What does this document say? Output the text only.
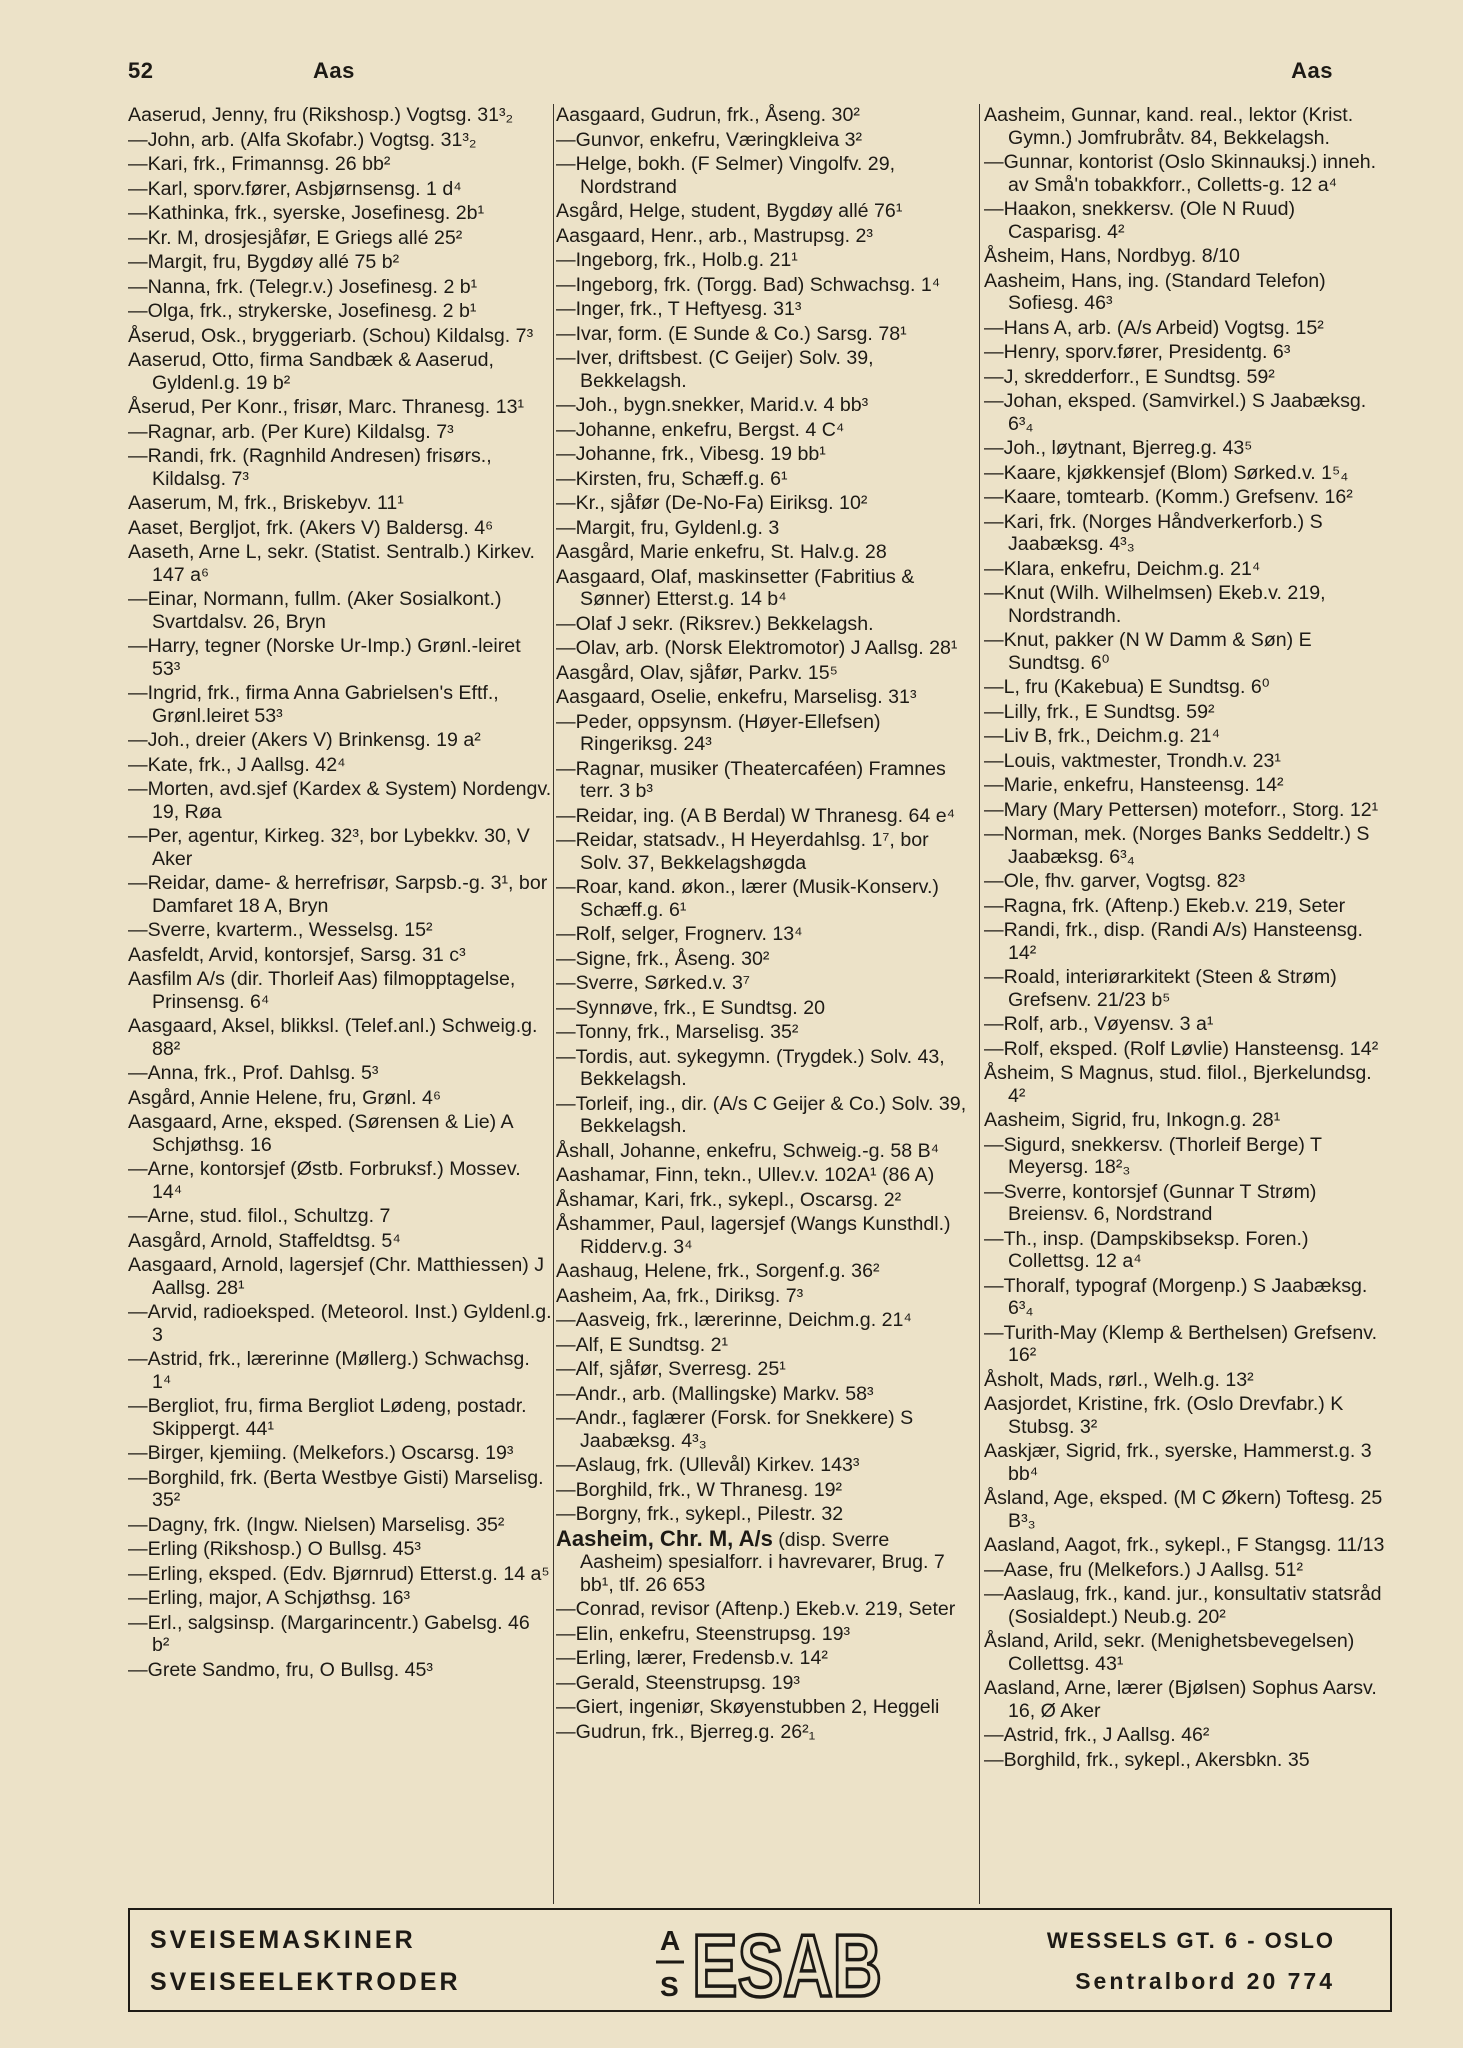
52	Aas	Aas
Aaserud, Jenny, fru (Rikshosp.) Vogtsg. 31³₂
—John, arb. (Alfa Skofabr.) Vogtsg. 31³₂
—Kari, frk., Frimannsg. 26 bb²
—Karl, sporv.fører, Asbjørnsensg. 1 d⁴
—Kathinka, frk., syerske, Josefinesg. 2b¹
—Kr. M, drosjesjåfør, E Griegs allé 25²
—Margit, fru, Bygdøy allé 75 b²
—Nanna, frk. (Telegr.v.) Josefinesg. 2 b¹
—Olga, frk., strykerske, Josefinesg. 2 b¹
Åserud, Osk., bryggeriarb. (Schou) Kildalsg. 7³
Aaserud, Otto, firma Sandbæk & Aaserud, Gyldenl.g. 19 b²
Åserud, Per Konr., frisør, Marc. Thranesg. 13¹
—Ragnar, arb. (Per Kure) Kildalsg. 7³
—Randi, frk. (Ragnhild Andresen) frisørs., Kildalsg. 7³
Aaserum, M, frk., Briskebyv. 11¹
Aaset, Bergljot, frk. (Akers V) Baldersg. 4⁶
Aaseth, Arne L, sekr. (Statist. Sentralb.) Kirkev. 147 a⁶
—Einar, Normann, fullm. (Aker Sosialkont.) Svartdalsv. 26, Bryn
—Harry, tegner (Norske Ur-Imp.) Grønl.-leiret 53³
—Ingrid, frk., firma Anna Gabrielsen's Eftf., Grønl.leiret 53³
—Joh., dreier (Akers V) Brinkensg. 19 a²
—Kate, frk., J Aallsg. 42⁴
—Morten, avd.sjef (Kardex & System) Nordengv. 19, Røa
—Per, agentur, Kirkeg. 32³, bor Lybekkv. 30, V Aker
—Reidar, dame- & herrefrisør, Sarpsb.-g. 3¹, bor Damfaret 18 A, Bryn
—Sverre, kvarterm., Wesselsg. 15²
Aasfeldt, Arvid, kontorsjef, Sarsg. 31 c³
Aasfilm A/s (dir. Thorleif Aas) filmopptagelse, Prinsensg. 6⁴
Aasgaard, Aksel, blikksl. (Telef.anl.) Schweig.g. 88²
—Anna, frk., Prof. Dahlsg. 5³
Asgård, Annie Helene, fru, Grønl. 4⁶
Aasgaard, Arne, eksped. (Sørensen & Lie) A Schjøthsg. 16
—Arne, kontorsjef (Østb. Forbruksf.) Mossev. 14⁴
—Arne, stud. filol., Schultzg. 7
Aasgård, Arnold, Staffeldtsg. 5⁴
Aasgaard, Arnold, lagersjef (Chr. Matthiessen) J Aallsg. 28¹
—Arvid, radioeksped. (Meteorol. Inst.) Gyldenl.g. 3
—Astrid, frk., lærerinne (Møllerg.) Schwachsg. 1⁴
—Bergliot, fru, firma Bergliot Lødeng, postadr. Skippergt. 44¹
—Birger, kjemiing. (Melkefors.) Oscarsg. 19³
—Borghild, frk. (Berta Westbye Gisti) Marselisg. 35²
—Dagny, frk. (Ingw. Nielsen) Marselisg. 35²
—Erling (Rikshosp.) O Bullsg. 45³
—Erling, eksped. (Edv. Bjørnrud) Etterst.g. 14 a⁵
—Erling, major, A Schjøthsg. 16³
—Erl., salgsinsp. (Margarincentr.) Gabelsg. 46 b²
—Grete Sandmo, fru, O Bullsg. 45³
Aasgaard, Gudrun, frk., Åseng. 30²
—Gunvor, enkefru, Væringkleiva 3²
—Helge, bokh. (F Selmer) Vingolfv. 29, Nordstrand
Asgård, Helge, student, Bygdøy allé 76¹
Aasgaard, Henr., arb., Mastrupsg. 2³
—Ingeborg, frk., Holb.g. 21¹
—Ingeborg, frk. (Torgg. Bad) Schwachsg. 1⁴
—Inger, frk., T Heftyesg. 31³
—Ivar, form. (E Sunde & Co.) Sarsg. 78¹
—Iver, driftsbest. (C Geijer) Solv. 39, Bekkelagsh.
—Joh., bygn.snekker, Marid.v. 4 bb³
—Johanne, enkefru, Bergst. 4 C⁴
—Johanne, frk., Vibesg. 19 bb¹
—Kirsten, fru, Schæff.g. 6¹
—Kr., sjåfør (De-No-Fa) Eiriksg. 10²
—Margit, fru, Gyldenl.g. 3
Aasgård, Marie enkefru, St. Halv.g. 28
Aasgaard, Olaf, maskinsetter (Fabritius & Sønner) Etterst.g. 14 b⁴
—Olaf J sekr. (Riksrev.) Bekkelagsh.
—Olav, arb. (Norsk Elektromotor) J Aallsg. 28¹
Aasgård, Olav, sjåfør, Parkv. 15⁵
Aasgaard, Oselie, enkefru, Marselisg. 31³
—Peder, oppsynsm. (Høyer-Ellefsen) Ringeriksg. 24³
—Ragnar, musiker (Theatercaféen) Framnes terr. 3 b³
—Reidar, ing. (A B Berdal) W Thranesg. 64 e⁴
—Reidar, statsadv., H Heyerdahlsg. 1⁷, bor Solv. 37, Bekkelagshøgda
—Roar, kand. økon., lærer (Musik-Konserv.) Schæff.g. 6¹
—Rolf, selger, Frognerv. 13⁴
—Signe, frk., Åseng. 30²
—Sverre, Sørked.v. 3⁷
—Synnøve, frk., E Sundtsg. 20
—Tonny, frk., Marselisg. 35²
—Tordis, aut. sykegymn. (Trygdek.) Solv. 43, Bekkelagsh.
—Torleif, ing., dir. (A/s C Geijer & Co.) Solv. 39, Bekkelagsh.
Åshall, Johanne, enkefru, Schweig.-g. 58 B⁴
Aashamar, Finn, tekn., Ullev.v. 102A¹ (86 A)
Åshamar, Kari, frk., sykepl., Oscarsg. 2²
Åshammer, Paul, lagersjef (Wangs Kunsthdl.) Ridderv.g. 3⁴
Aashaug, Helene, frk., Sorgenf.g. 36²
Aasheim, Aa, frk., Diriksg. 7³
—Aasveig, frk., lærerinne, Deichm.g. 21⁴
—Alf, E Sundtsg. 2¹
—Alf, sjåfør, Sverresg. 25¹
—Andr., arb. (Mallingske) Markv. 58³
—Andr., faglærer (Forsk. for Snekkere) S Jaabæksg. 4³₃
—Aslaug, frk. (Ullevål) Kirkev. 143³
—Borghild, frk., W Thranesg. 19²
—Borgny, frk., sykepl., Pilestr. 32
Aasheim, Chr. M, A/s (disp. Sverre Aasheim) spesialforr. i havrevarer, Brug. 7 bb¹, tlf. 26 653
—Conrad, revisor (Aftenp.) Ekeb.v. 219, Seter
—Elin, enkefru, Steenstrupsg. 19³
—Erling, lærer, Fredensb.v. 14²
—Gerald, Steenstrupsg. 19³
—Giert, ingeniør, Skøyenstubben 2, Heggeli
—Gudrun, frk., Bjerreg.g. 26²₁
Aasheim, Gunnar, kand. real., lektor (Krist. Gymn.) Jomfrubråtv. 84, Bekkelagsh.
—Gunnar, kontorist (Oslo Skinnauksj.) inneh. av Små'n tobakkforr., Colletts-g. 12 a⁴
—Haakon, snekkersv. (Ole N Ruud) Casparisg. 4²
Åsheim, Hans, Nordbyg. 8/10
Aasheim, Hans, ing. (Standard Telefon) Sofiesg. 46³
—Hans A, arb. (A/s Arbeid) Vogtsg. 15²
—Henry, sporv.fører, Presidentg. 6³
—J, skredderforr., E Sundtsg. 59²
—Johan, eksped. (Samvirkel.) S Jaabæksg. 6³₄
—Joh., løytnant, Bjerreg.g. 43⁵
—Kaare, kjøkkensjef (Blom) Sørked.v. 1⁵₄
—Kaare, tomtearb. (Komm.) Grefsenv. 16²
—Kari, frk. (Norges Håndverkerforb.) S Jaabæksg. 4³₃
—Klara, enkefru, Deichm.g. 21⁴
—Knut (Wilh. Wilhelmsen) Ekeb.v. 219, Nordstrandh.
—Knut, pakker (N W Damm & Søn) E Sundtsg. 6⁰
—L, fru (Kakebua) E Sundtsg. 6⁰
—Lilly, frk., E Sundtsg. 59²
—Liv B, frk., Deichm.g. 21⁴
—Louis, vaktmester, Trondh.v. 23¹
—Marie, enkefru, Hansteensg. 14²
—Mary (Mary Pettersen) moteforr., Storg. 12¹
—Norman, mek. (Norges Banks Seddeltr.) S Jaabæksg. 6³₄
—Ole, fhv. garver, Vogtsg. 82³
—Ragna, frk. (Aftenp.) Ekeb.v. 219, Seter
—Randi, frk., disp. (Randi A/s) Hansteensg. 14²
—Roald, interiørarkitekt (Steen & Strøm) Grefsenv. 21/23 b⁵
—Rolf, arb., Vøyensv. 3 a¹
—Rolf, eksped. (Rolf Løvlie) Hansteensg. 14²
Åsheim, S Magnus, stud. filol., Bjerkelundsg. 4²
Aasheim, Sigrid, fru, Inkogn.g. 28¹
—Sigurd, snekkersv. (Thorleif Berge) T Meyersg. 18²₃
—Sverre, kontorsjef (Gunnar T Strøm) Breiensv. 6, Nordstrand
—Th., insp. (Dampskibseksp. Foren.) Collettsg. 12 a⁴
—Thoralf, typograf (Morgenp.) S Jaabæksg. 6³₄
—Turith-May (Klemp & Berthelsen) Grefsenv. 16²
Åsholt, Mads, rørl., Welh.g. 13²
Aasjordet, Kristine, frk. (Oslo Drevfabr.) K Stubsg. 3²
Aaskjær, Sigrid, frk., syerske, Hammerst.g. 3 bb⁴
Åsland, Age, eksped. (M C Økern) Toftesg. 25 B³₃
Aasland, Aagot, frk., sykepl., F Stangsg. 11/13
—Aase, fru (Melkefors.) J Aallsg. 51²
—Aaslaug, frk., kand. jur., konsultativ statsråd (Sosialdept.) Neub.g. 20²
Åsland, Arild, sekr. (Menighetsbevegelsen) Collettsg. 43¹
Aasland, Arne, lærer (Bjølsen) Sophus Aarsv. 16, Ø Aker
—Astrid, frk., J Aallsg. 46²
—Borghild, frk., sykepl., Akersbkn. 35
SVEISEMASKINER
SVEISEELEKTRODER
A
S ESAB	WESSELS GT. 6 - OSLO
Sentralbord 20 774
